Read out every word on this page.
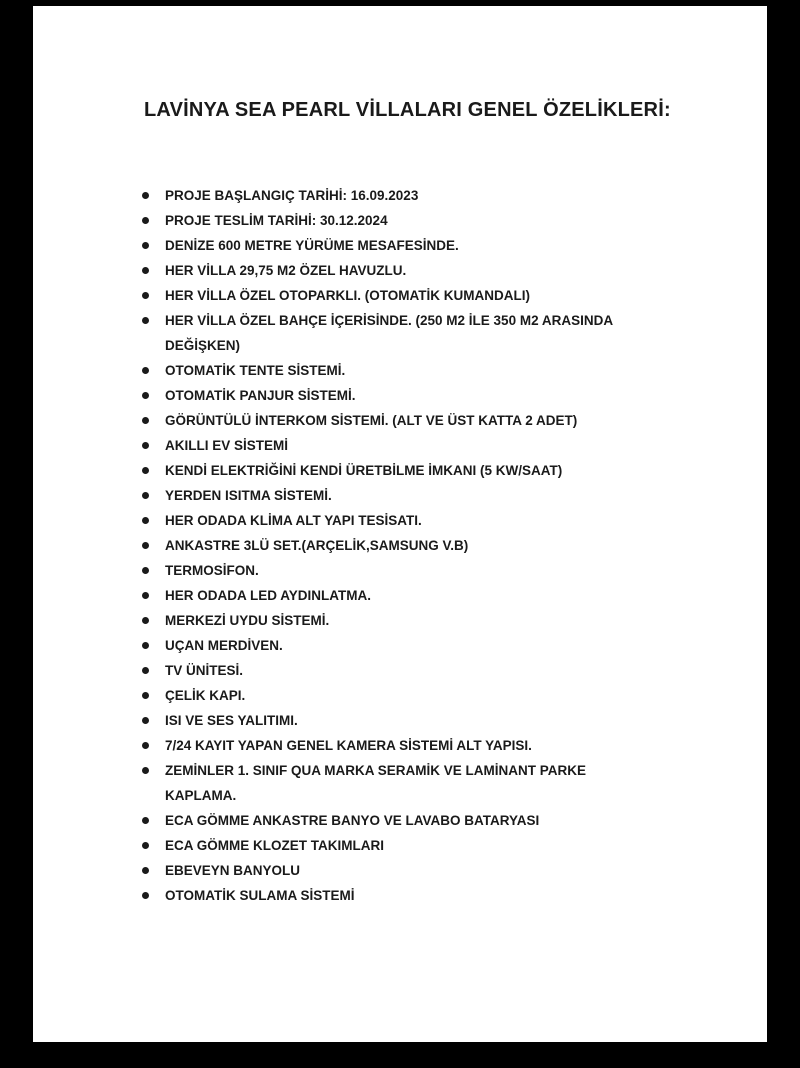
LAVİNYA SEA PEARL VİLLALARI GENEL ÖZELİKLERİ:
PROJE BAŞLANGIÇ TARİHİ: 16.09.2023
PROJE TESLİM TARİHİ: 30.12.2024
DENİZE 600 METRE YÜRÜME MESAFESİNDE.
HER VİLLA 29,75 M2 ÖZEL HAVUZLU.
HER VİLLA ÖZEL OTOPARKLI. (OTOMATİK KUMANDALI)
HER VİLLA ÖZEL BAHÇE İÇERİSİNDE. (250 M2 İLE 350 M2 ARASINDA DEĞİŞKEN)
OTOMATİK TENTE SİSTEMİ.
OTOMATİK PANJUR SİSTEMİ.
GÖRÜNTÜLÜ İNTERKOM SİSTEMİ. (ALT VE ÜST KATTA 2 ADET)
AKILLI EV SİSTEMİ
KENDİ ELEKTRİĞİNİ KENDİ ÜRETBİLME İMKANI (5 KW/SAAT)
YERDEN ISITMA SİSTEMİ.
HER ODADA KLİMA ALT YAPI TESİSATI.
ANKASTRE 3LÜ SET.(ARÇELİK,SAMSUNG V.B)
TERMOSİFON.
HER ODADA LED AYDINLATMA.
MERKEZİ UYDU SİSTEMİ.
UÇAN MERDİVEN.
TV ÜNİTESİ.
ÇELİK KAPI.
ISI VE SES YALITIMI.
7/24 KAYIT YAPAN GENEL KAMERA SİSTEMİ ALT YAPISI.
ZEMİNLER 1. SINIF QUA MARKA SERAMİK VE LAMİNANT PARKE KAPLAMA.
ECA GÖMME ANKASTRE BANYO VE LAVABO BATARYASI
ECA GÖMME KLOZET TAKIMLARI
EBEVEYN BANYOLU
OTOMATİK SULAMA SİSTEMİ
